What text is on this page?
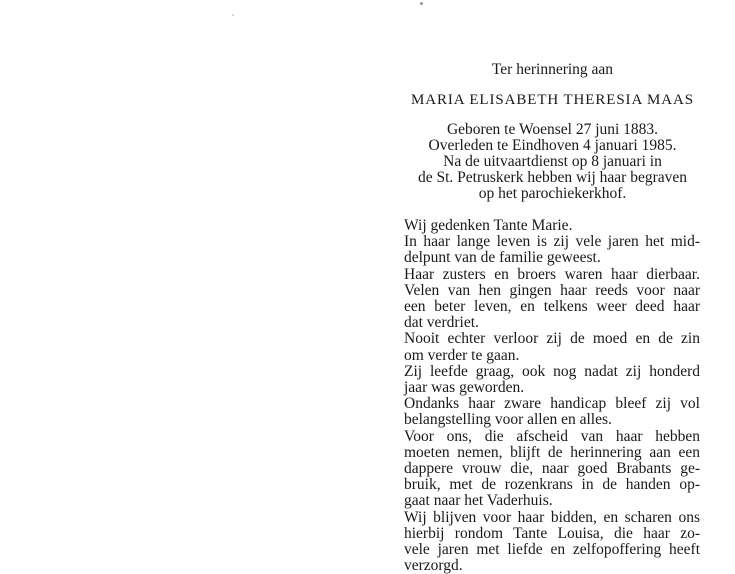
Ter herinnering aan
MARIA ELISABETH THERESIA MAAS
Geboren te Woensel 27 juni 1883.
Overleden te Eindhoven 4 januari 1985.
Na de uitvaartdienst op 8 januari in
de St. Petruskerk hebben wij haar begraven
op het parochiekerkhof.
Wij gedenken Tante Marie.
In haar lange leven is zij vele jaren het mid-
delpunt van de familie geweest.
Haar zusters en broers waren haar dierbaar.
Velen van hen gingen haar reeds voor naar
een beter leven, en telkens weer deed haar
dat verdriet.
Nooit echter verloor zij de moed en de zin
om verder te gaan.
Zij leefde graag, ook nog nadat zij honderd
jaar was geworden.
Ondanks haar zware handicap bleef zij vol
belangstelling voor allen en alles.
Voor ons, die afscheid van haar hebben
moeten nemen, blijft de herinnering aan een
dappere vrouw die, naar goed Brabants ge-
bruik, met de rozenkrans in de handen op-
gaat naar het Vaderhuis.
Wij blijven voor haar bidden, en scharen ons
hierbij rondom Tante Louisa, die haar zo-
vele jaren met liefde en zelfopoffering heeft
verzorgd.
